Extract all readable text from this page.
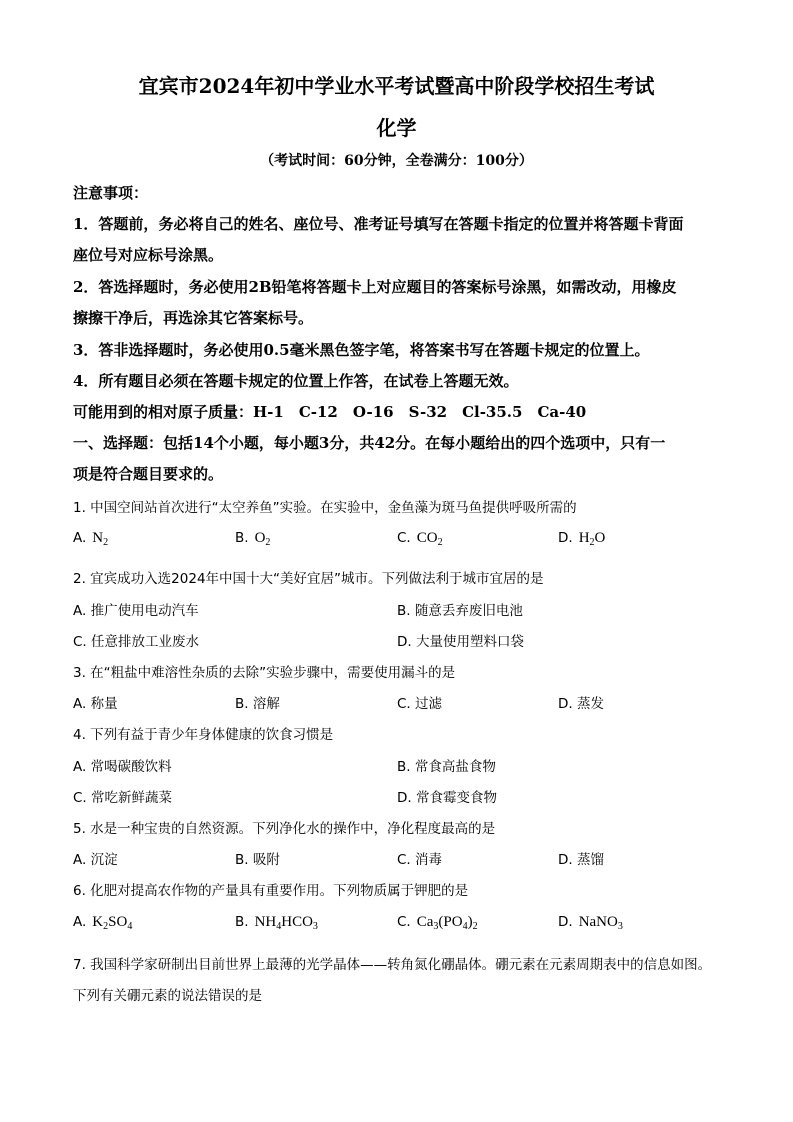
宜宾市2024年初中学业水平考试暨高中阶段学校招生考试
化学
（考试时间：60分钟，全卷满分：100分）
注意事项：
1．答题前，务必将自己的姓名、座位号、准考证号填写在答题卡指定的位置并将答题卡背面
座位号对应标号涂黑。
2．答选择题时，务必使用2B铅笔将答题卡上对应题目的答案标号涂黑，如需改动，用橡皮
擦擦干净后，再选涂其它答案标号。
3．答非选择题时，务必使用0.5毫米黑色签字笔，将答案书写在答题卡规定的位置上。
4．所有题目必须在答题卡规定的位置上作答，在试卷上答题无效。
可能用到的相对原子质量：H-1　C-12　O-16　S-32　Cl-35.5　Ca-40
一、选择题：包括14个小题，每小题3分，共42分。在每小题给出的四个选项中，只有一
项是符合题目要求的。
1. 中国空间站首次进行“太空养鱼”实验。在实验中，金鱼藻为斑马鱼提供呼吸所需的
A. $N_2$	B. $O_2$	C. $CO_2$	D. $H_2O$
2. 宜宾成功入选2024年中国十大“美好宜居”城市。下列做法利于城市宜居的是
A. 推广使用电动汽车	B. 随意丢弃废旧电池
C. 任意排放工业废水	D. 大量使用塑料口袋
3. 在“粗盐中难溶性杂质的去除”实验步骤中，需要使用漏斗的是
A. 称量	B. 溶解	C. 过滤	D. 蒸发
4. 下列有益于青少年身体健康的饮食习惯是
A. 常喝碳酸饮料	B. 常食高盐食物
C. 常吃新鲜蔬菜	D. 常食霉变食物
5. 水是一种宝贵的自然资源。下列净化水的操作中，净化程度最高的是
A. 沉淀	B. 吸附	C. 消毒	D. 蒸馏
6. 化肥对提高农作物的产量具有重要作用。下列物质属于钾肥的是
A. $K_2SO_4$	B. $NH_4HCO_3$	C. $Ca_3(PO_4)_2$	D. NaNO$_3$
7. 我国科学家研制出目前世界上最薄的光学晶体——转角氮化硼晶体。硼元素在元素周期表中的信息如图。
下列有关硼元素的说法错误的是
